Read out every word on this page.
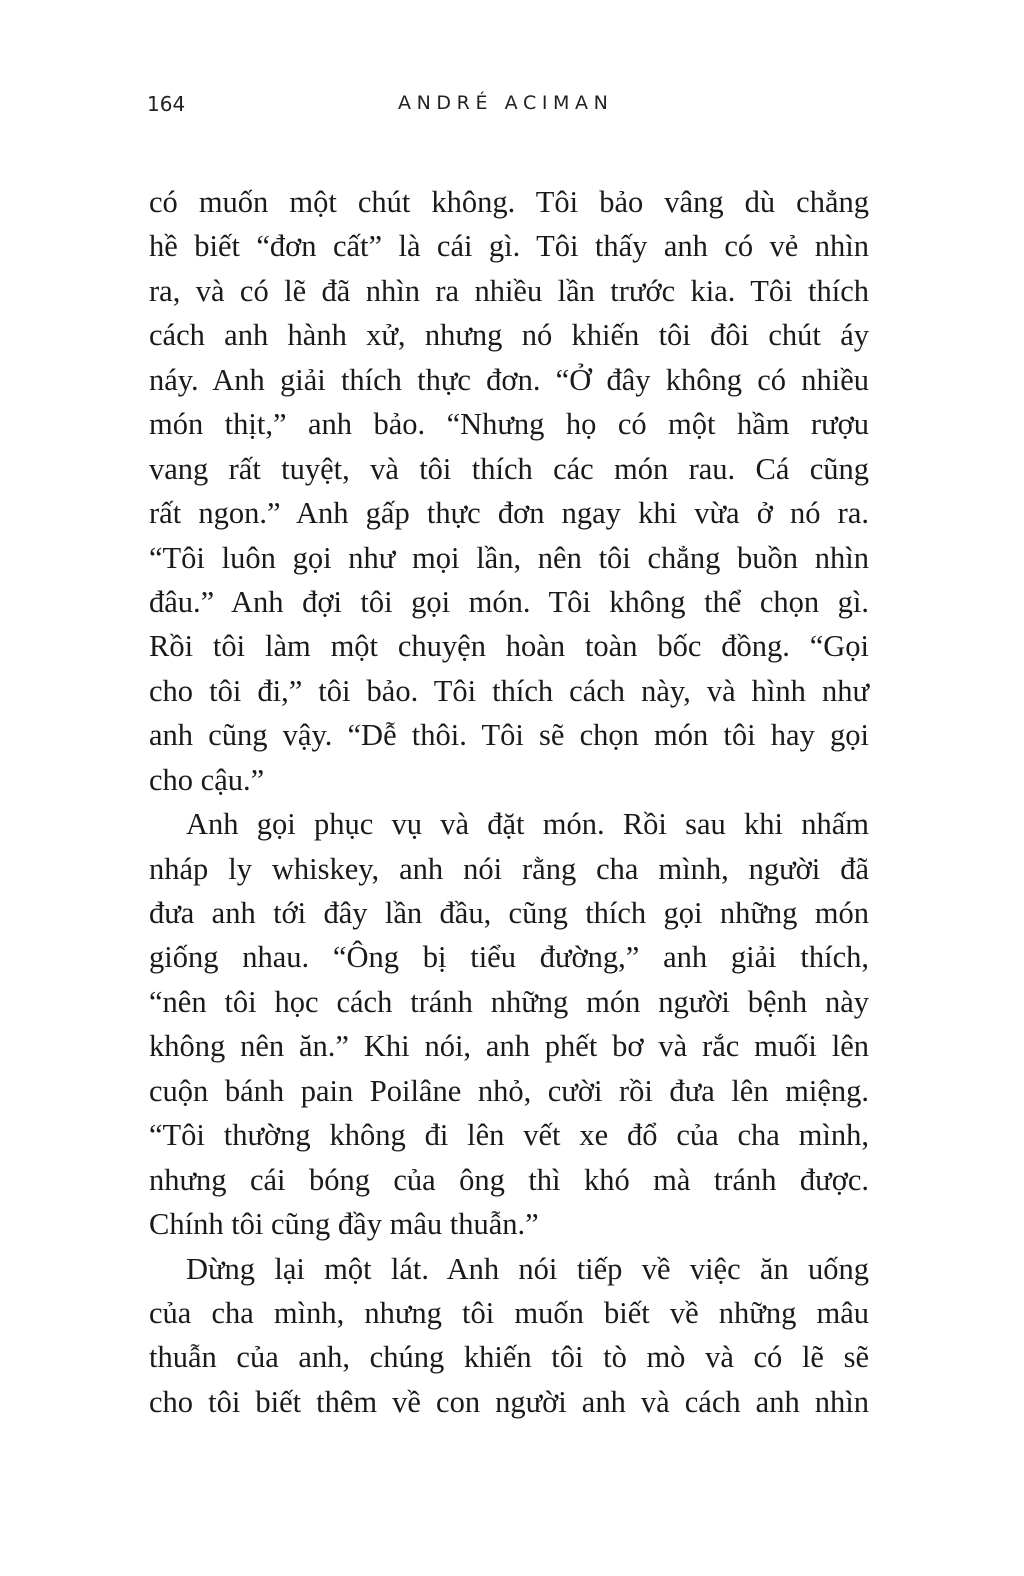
164	ANDRÉ ACIMAN
có muốn một chút không. Tôi bảo vâng dù chẳng
hề biết “đơn cất” là cái gì. Tôi thấy anh có vẻ nhìn
ra, và có lẽ đã nhìn ra nhiều lần trước kia. Tôi thích
cách anh hành xử, nhưng nó khiến tôi đôi chút áy
náy. Anh giải thích thực đơn. “Ở đây không có nhiều
món thịt,” anh bảo. “Nhưng họ có một hầm rượu
vang rất tuyệt, và tôi thích các món rau. Cá cũng
rất ngon.” Anh gấp thực đơn ngay khi vừa ở nó ra.
“Tôi luôn gọi như mọi lần, nên tôi chẳng buồn nhìn
đâu.” Anh đợi tôi gọi món. Tôi không thể chọn gì.
Rồi tôi làm một chuyện hoàn toàn bốc đồng. “Gọi
cho tôi đi,” tôi bảo. Tôi thích cách này, và hình như
anh cũng vậy. “Dễ thôi. Tôi sẽ chọn món tôi hay gọi
cho cậu.”
Anh gọi phục vụ và đặt món. Rồi sau khi nhấm
nháp ly whiskey, anh nói rằng cha mình, người đã
đưa anh tới đây lần đầu, cũng thích gọi những món
giống nhau. “Ông bị tiểu đường,” anh giải thích,
“nên tôi học cách tránh những món người bệnh này
không nên ăn.” Khi nói, anh phết bơ và rắc muối lên
cuộn bánh pain Poilâne nhỏ, cười rồi đưa lên miệng.
“Tôi thường không đi lên vết xe đổ của cha mình,
nhưng cái bóng của ông thì khó mà tránh được.
Chính tôi cũng đầy mâu thuẫn.”
Dừng lại một lát. Anh nói tiếp về việc ăn uống
của cha mình, nhưng tôi muốn biết về những mâu
thuẫn của anh, chúng khiến tôi tò mò và có lẽ sẽ
cho tôi biết thêm về con người anh và cách anh nhìn
